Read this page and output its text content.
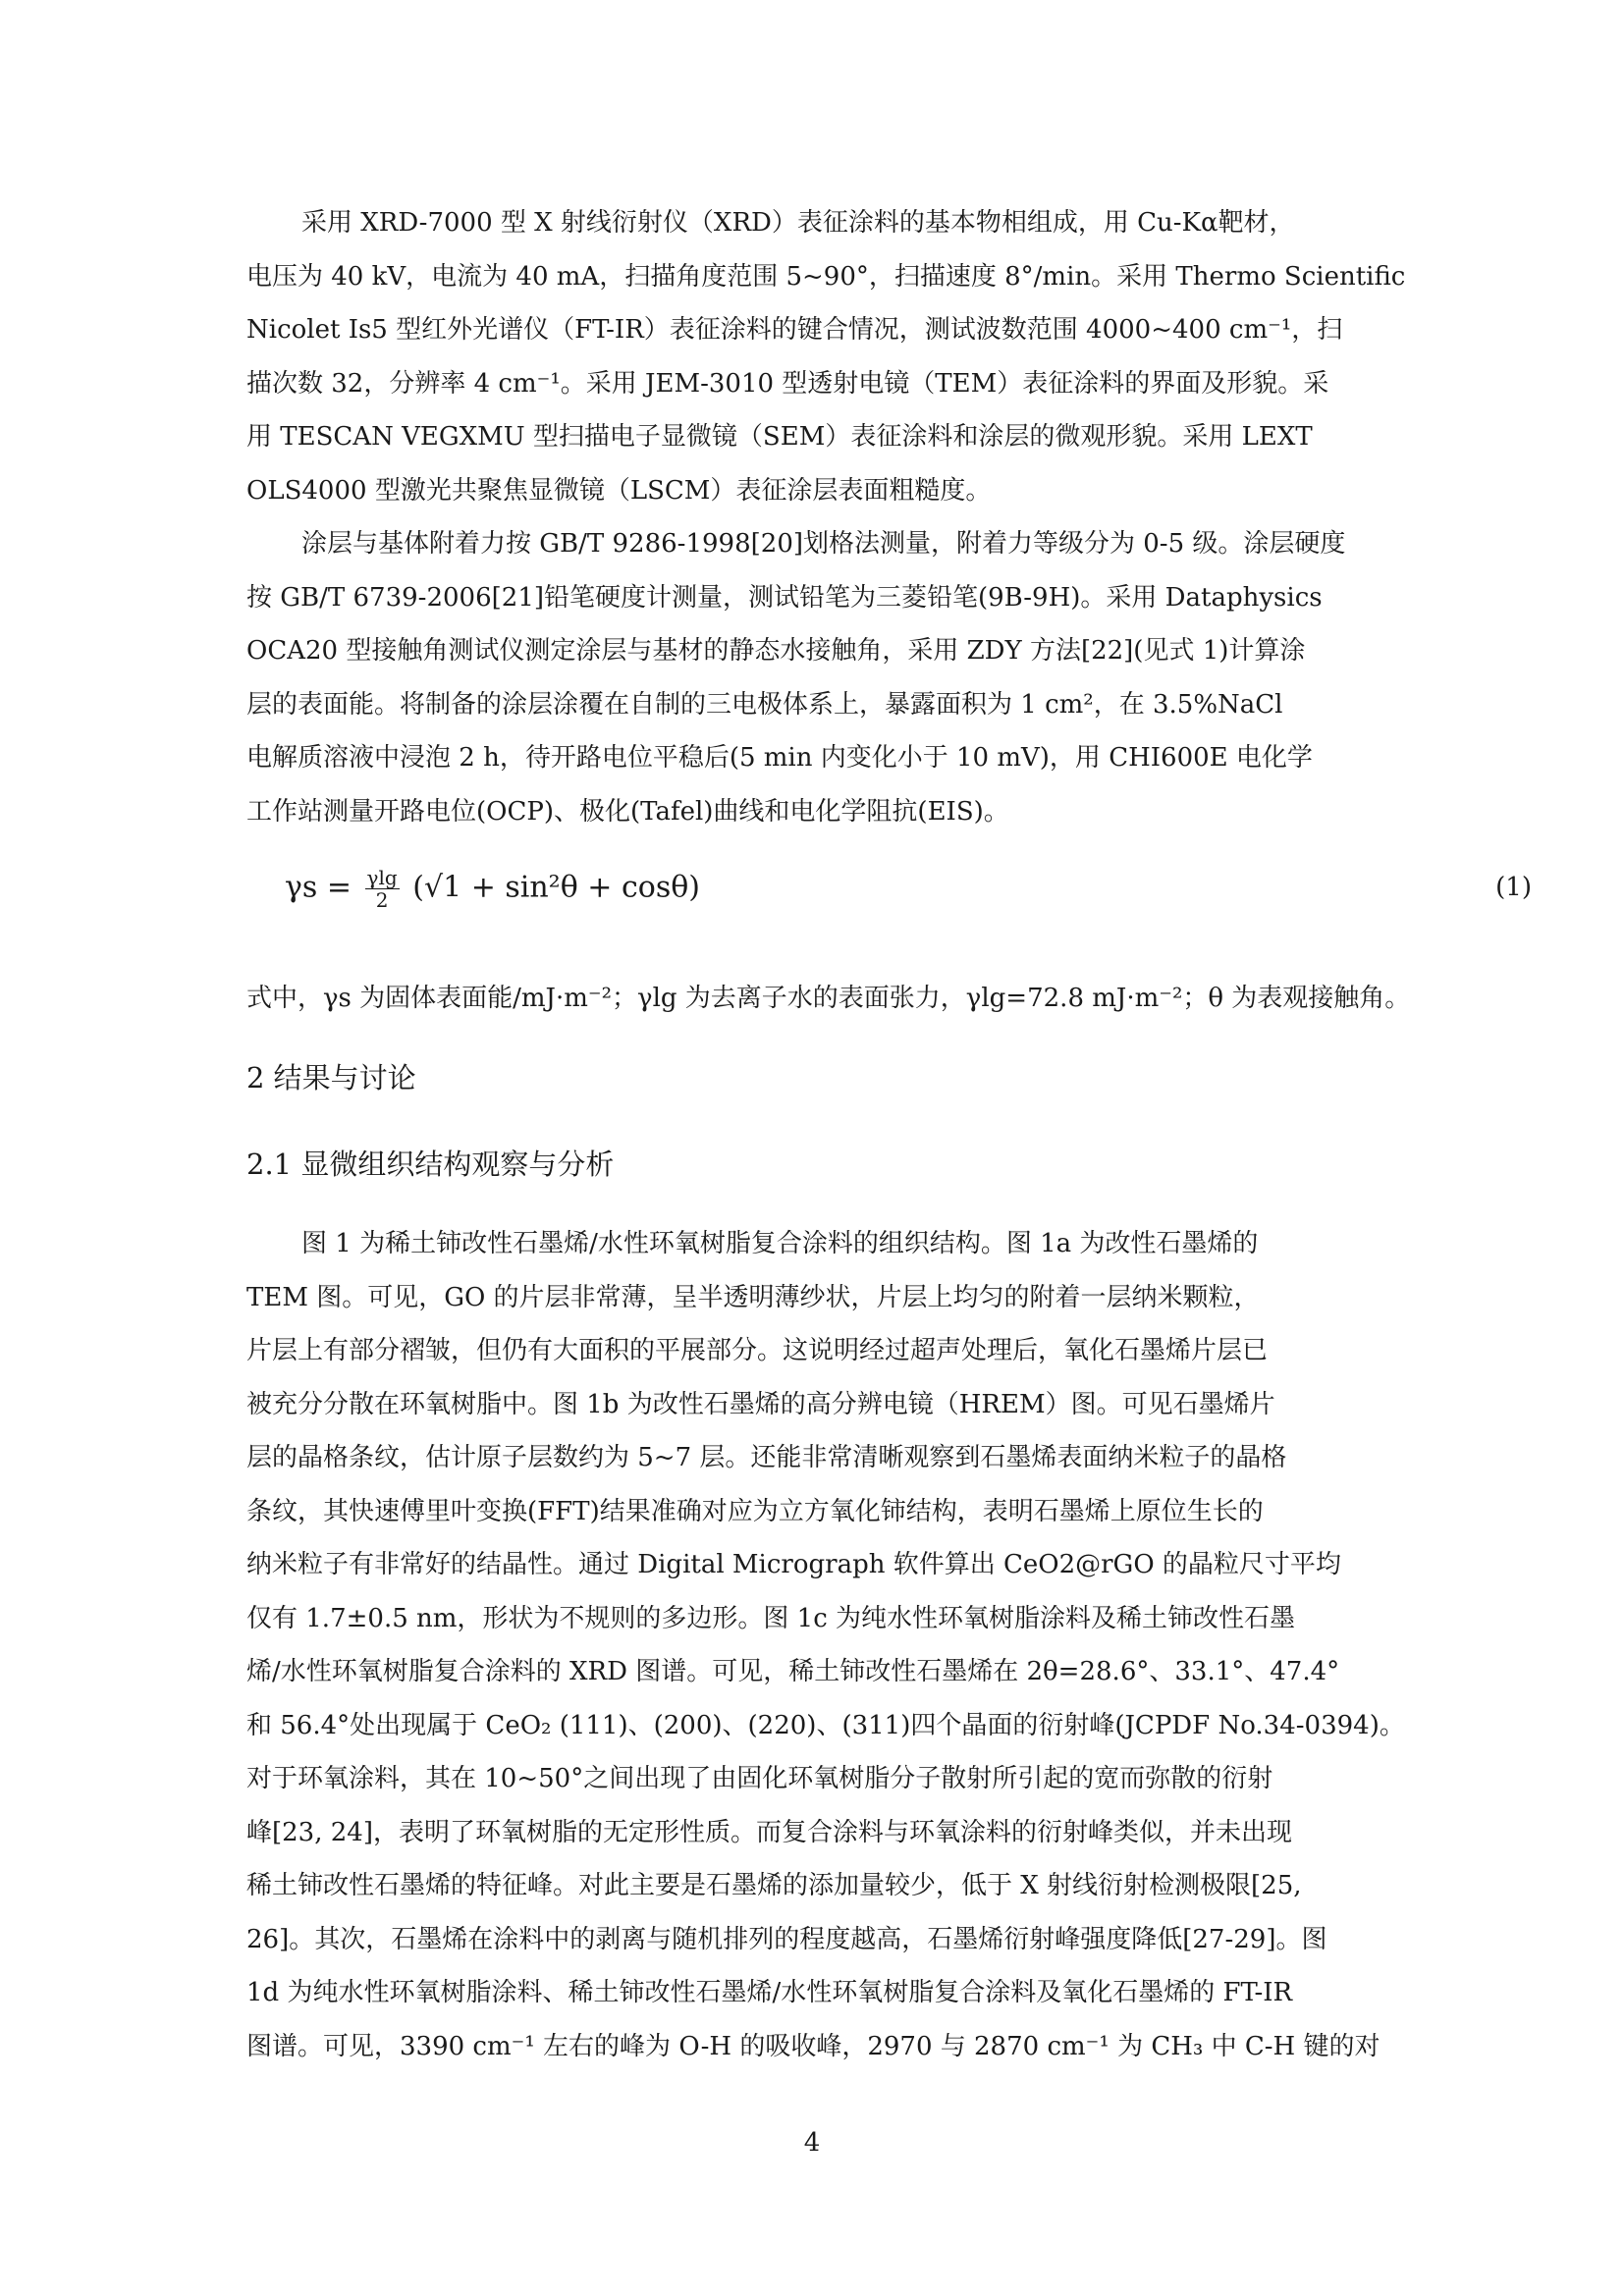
采用 XRD-7000 型 X 射线衍射仪（XRD）表征涂料的基本物相组成，用 Cu-Kα靶材，
电压为 40 kV，电流为 40 mA，扫描角度范围 5~90°，扫描速度 8°/min。采用 Thermo Scientific
Nicolet Is5 型红外光谱仪（FT-IR）表征涂料的键合情况，测试波数范围 4000~400 cm⁻¹，扫
描次数 32，分辨率 4 cm⁻¹。采用 JEM-3010 型透射电镜（TEM）表征涂料的界面及形貌。采
用 TESCAN VEGXMU 型扫描电子显微镜（SEM）表征涂料和涂层的微观形貌。采用 LEXT
OLS4000 型激光共聚焦显微镜（LSCM）表征涂层表面粗糙度。
涂层与基体附着力按 GB/T 9286-1998[20]划格法测量，附着力等级分为 0-5 级。涂层硬度
按 GB/T 6739-2006[21]铅笔硬度计测量，测试铅笔为三菱铅笔(9B-9H)。采用 Dataphysics
OCA20 型接触角测试仪测定涂层与基材的静态水接触角，采用 ZDY 方法[22](见式 1)计算涂
层的表面能。将制备的涂层涂覆在自制的三电极体系上，暴露面积为 1 cm²，在 3.5%NaCl
电解质溶液中浸泡 2 h，待开路电位平稳后(5 min 内变化小于 10 mV)，用 CHI600E 电化学
工作站测量开路电位(OCP)、极化(Tafel)曲线和电化学阻抗(EIS)。
$\gamma s = \frac{\gamma\lg}{2} (√1 + \sin^2\theta + \cos\theta)$	(1)
式中，γs 为固体表面能/mJ·m⁻²；γlg 为去离子水的表面张力，γlg=72.8 mJ·m⁻²；θ 为表观接触角。
2 结果与讨论
2.1 显微组织结构观察与分析
图 1 为稀土铈改性石墨烯/水性环氧树脂复合涂料的组织结构。图 1a 为改性石墨烯的
TEM 图。可见，GO 的片层非常薄，呈半透明薄纱状，片层上均匀的附着一层纳米颗粒，
片层上有部分褶皱，但仍有大面积的平展部分。这说明经过超声处理后，氧化石墨烯片层已
被充分分散在环氧树脂中。图 1b 为改性石墨烯的高分辨电镜（HREM）图。可见石墨烯片
层的晶格条纹，估计原子层数约为 5~7 层。还能非常清晰观察到石墨烯表面纳米粒子的晶格
条纹，其快速傅里叶变换(FFT)结果准确对应为立方氧化铈结构，表明石墨烯上原位生长的
纳米粒子有非常好的结晶性。通过 Digital Micrograph 软件算出 CeO2@rGO 的晶粒尺寸平均
仅有 1.7±0.5 nm，形状为不规则的多边形。图 1c 为纯水性环氧树脂涂料及稀土铈改性石墨
烯/水性环氧树脂复合涂料的 XRD 图谱。可见，稀土铈改性石墨烯在 2θ=28.6°、33.1°、47.4°
和 56.4°处出现属于 CeO₂ (111)、(200)、(220)、(311)四个晶面的衍射峰(JCPDF No.34-0394)。
对于环氧涂料，其在 10~50°之间出现了由固化环氧树脂分子散射所引起的宽而弥散的衍射
峰[23, 24]，表明了环氧树脂的无定形性质。而复合涂料与环氧涂料的衍射峰类似，并未出现
稀土铈改性石墨烯的特征峰。对此主要是石墨烯的添加量较少，低于 X 射线衍射检测极限[25,
26]。其次，石墨烯在涂料中的剥离与随机排列的程度越高，石墨烯衍射峰强度降低[27-29]。图
1d 为纯水性环氧树脂涂料、稀土铈改性石墨烯/水性环氧树脂复合涂料及氧化石墨烯的 FT-IR
图谱。可见，3390 cm⁻¹ 左右的峰为 O-H 的吸收峰，2970 与 2870 cm⁻¹ 为 CH₃ 中 C-H 键的对
4
